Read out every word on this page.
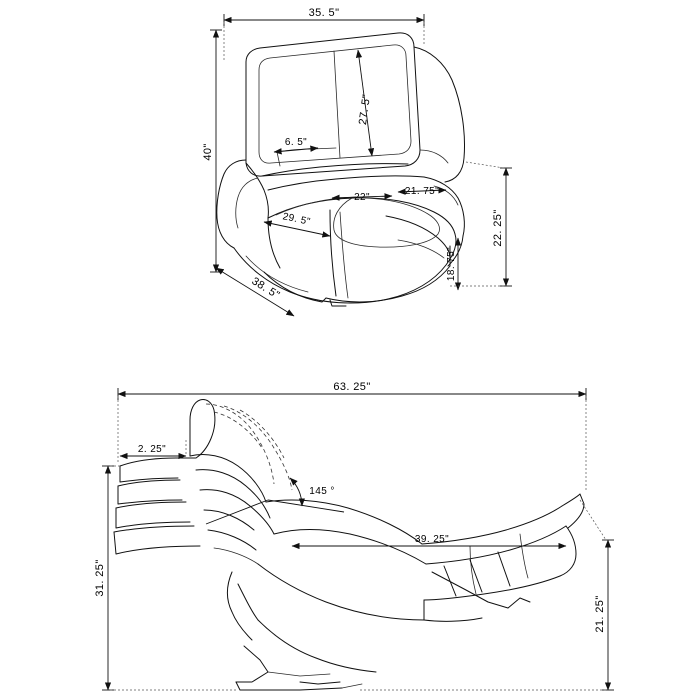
35. 5"
40"
27. 5"
6. 5"
22"
21. 75"
29. 5"
18. 75"
22. 25"
38. 5"
63. 25"
2. 25"
145 °
39. 25"
31. 25"
21. 25"
